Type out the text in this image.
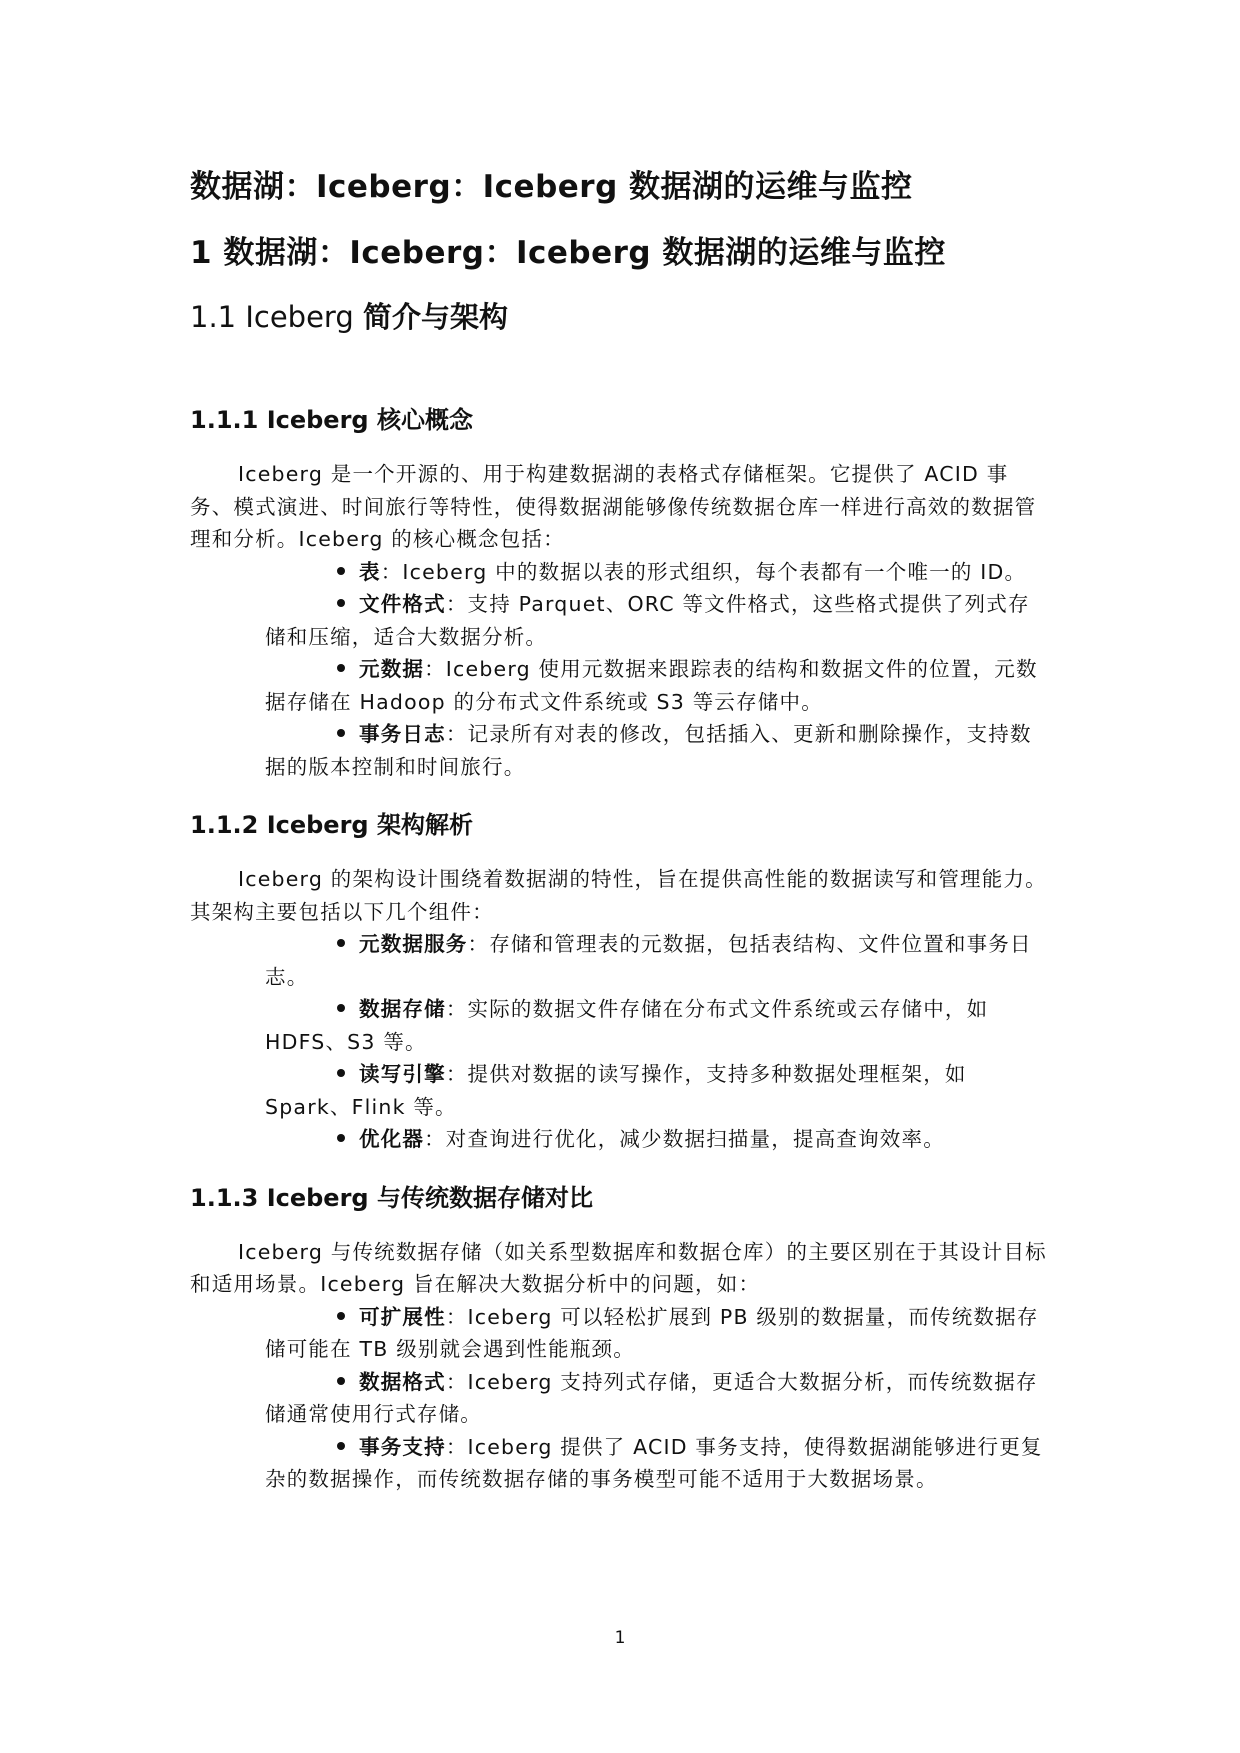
数据湖：Iceberg：Iceberg 数据湖的运维与监控
1 数据湖：Iceberg：Iceberg 数据湖的运维与监控
1.1 Iceberg 简介与架构
1.1.1 Iceberg 核心概念

Iceberg 是一个开源的、用于构建数据湖的表格式存储框架。它提供了 ACID 事务、模式演进、时间旅行等特性，使得数据湖能够像传统数据仓库一样进行高效的数据管理和分析。Iceberg 的核心概念包括：

表：Iceberg 中的数据以表的形式组织，每个表都有一个唯一的 ID。
文件格式：支持 Parquet、ORC 等文件格式，这些格式提供了列式存储和压缩，适合大数据分析。
元数据：Iceberg 使用元数据来跟踪表的结构和数据文件的位置，元数据存储在 Hadoop 的分布式文件系统或 S3 等云存储中。
事务日志：记录所有对表的修改，包括插入、更新和删除操作，支持数据的版本控制和时间旅行。
1.1.2 Iceberg 架构解析

Iceberg 的架构设计围绕着数据湖的特性，旨在提供高性能的数据读写和管理能力。其架构主要包括以下几个组件：

元数据服务：存储和管理表的元数据，包括表结构、文件位置和事务日志。
数据存储：实际的数据文件存储在分布式文件系统或云存储中，如 HDFS、S3 等。
读写引擎：提供对数据的读写操作，支持多种数据处理框架，如 Spark、Flink 等。
优化器：对查询进行优化，减少数据扫描量，提高查询效率。
1.1.3 Iceberg 与传统数据存储对比

Iceberg 与传统数据存储（如关系型数据库和数据仓库）的主要区别在于其设计目标和适用场景。Iceberg 旨在解决大数据分析中的问题，如：

可扩展性：Iceberg 可以轻松扩展到 PB 级别的数据量，而传统数据存储可能在 TB 级别就会遇到性能瓶颈。
数据格式：Iceberg 支持列式存储，更适合大数据分析，而传统数据存储通常使用行式存储。
事务支持：Iceberg 提供了 ACID 事务支持，使得数据湖能够进行更复杂的数据操作，而传统数据存储的事务模型可能不适用于大数据场景。
1
